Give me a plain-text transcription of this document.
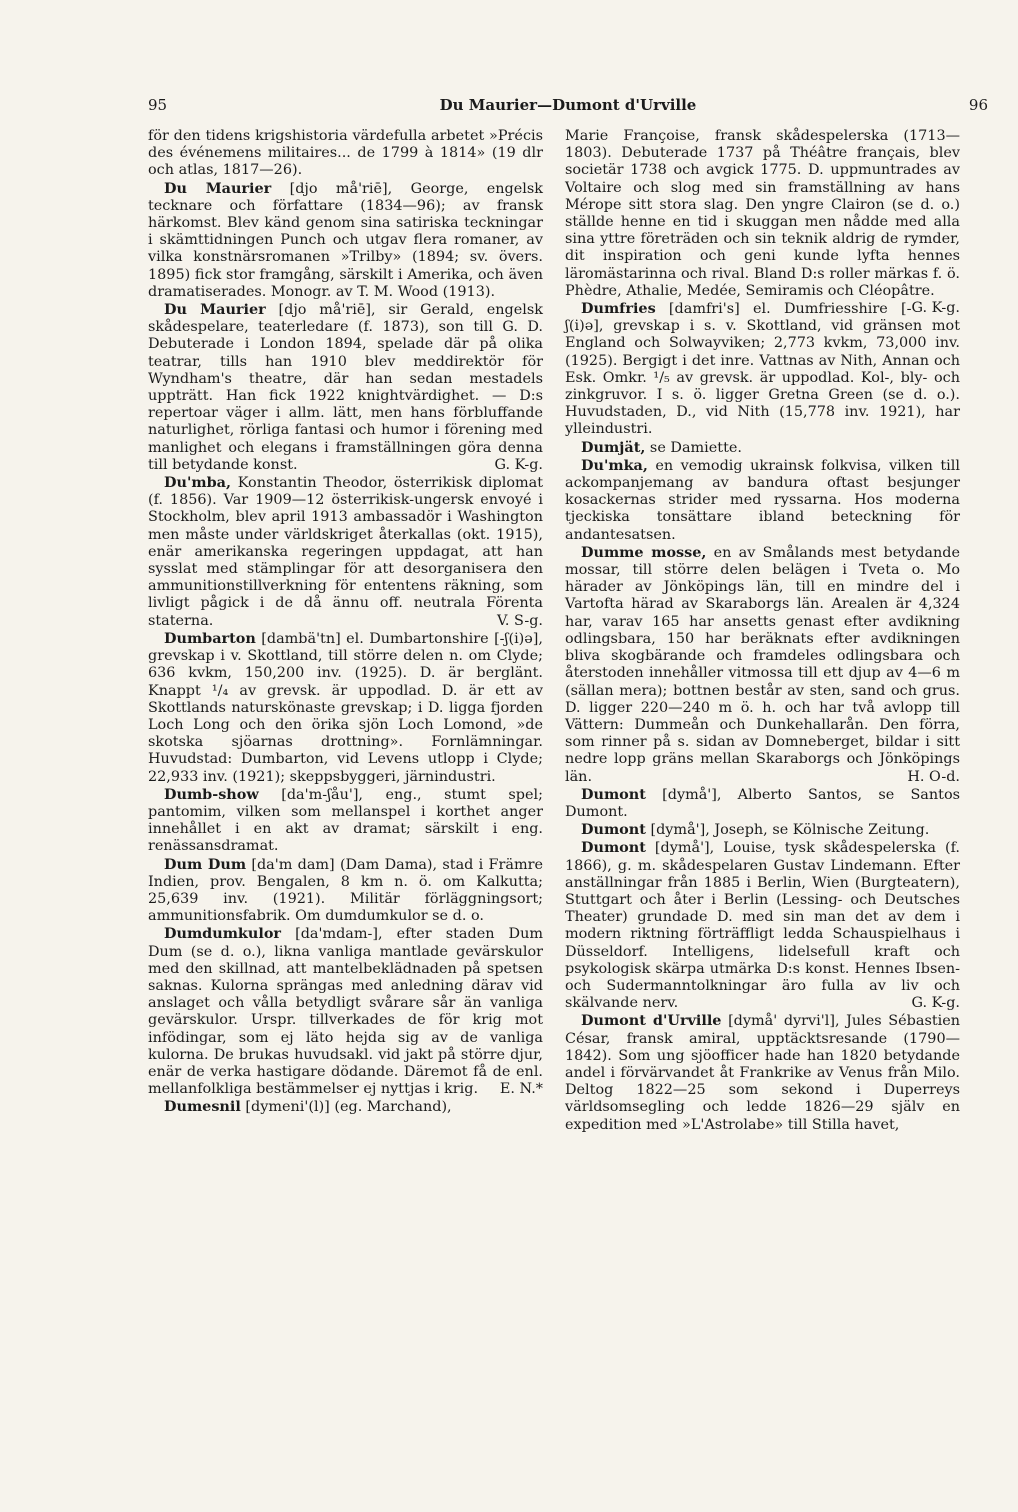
95	Du Maurier—Dumont d'Urville	96

för den tidens krigshistoria värdefulla arbetet »Précis des événemens militaires... de 1799 à 1814» (19 dlr och atlas, 1817—26).

Du Maurier [djo må'riē], George, engelsk tecknare och författare (1834—96); av fransk härkomst. Blev känd genom sina satiriska teckningar i skämttidningen Punch och utgav flera romaner, av vilka konstnärsromanen »Trilby» (1894; sv. övers. 1895) fick stor framgång, särskilt i Amerika, och även dramatiserades. Monogr. av T. M. Wood (1913).

Du Maurier [djo må'riē], sir Gerald, engelsk skådespelare, teaterledare (f. 1873), son till G. D. Debuterade i London 1894, spelade där på olika teatrar, tills han 1910 blev meddirektör för Wyndham's theatre, där han sedan mestadels uppträtt. Han fick 1922 knightvärdighet. — D:s repertoar väger i allm. lätt, men hans förbluffande naturlighet, rörliga fantasi och humor i förening med manlighet och elegans i framställningen göra denna till betydande konst.	G. K-g.

Du'mba, Konstantin Theodor, österrikisk diplomat (f. 1856). Var 1909—12 österrikisk-ungersk envoyé i Stockholm, blev april 1913 ambassadör i Washington men måste under världskriget återkallas (okt. 1915), enär amerikanska regeringen uppdagat, att han sysslat med stämplingar för att desorganisera den ammunitionstillverkning för ententens räkning, som livligt pågick i de då ännu off. neutrala Förenta staterna.	V. S-g.

Dumbarton [dambä'tn] el. Dumbartonshire [-ʃ(i)ə], grevskap i v. Skottland, till större delen n. om Clyde; 636 kvkm, 150,200 inv. (1925). D. är berglänt. Knappt ¹/₄ av grevsk. är uppodlad. D. är ett av Skottlands naturskönaste grevskap; i D. ligga fjorden Loch Long och den örika sjön Loch Lomond, »de skotska sjöarnas drottning». Fornlämningar. Huvudstad: Dumbarton, vid Levens utlopp i Clyde; 22,933 inv. (1921); skeppsbyggeri, järnindustri.

Dumb-show [da'm-ʃåu'], eng., stumt spel; pantomim, vilken som mellanspel i korthet anger innehållet i en akt av dramat; särskilt i eng. renässansdramat.

Dum Dum [da'm dam] (Dam Dama), stad i Främre Indien, prov. Bengalen, 8 km n. ö. om Kalkutta; 25,639 inv. (1921). Militär förläggningsort; ammunitionsfabrik. Om dumdumkulor se d. o.

Dumdumkulor [da'mdam-], efter staden Dum Dum (se d. o.), likna vanliga mantlade gevärskulor med den skillnad, att mantelbeklädnaden på spetsen saknas. Kulorna sprängas med anledning därav vid anslaget och vålla betydligt svårare sår än vanliga gevärskulor. Urspr. tillverkades de för krig mot infödingar, som ej läto hejda sig av de vanliga kulorna. De brukas huvudsakl. vid jakt på större djur, enär de verka hastigare dödande. Däremot få de enl. mellanfolkliga bestämmelser ej nyttjas i krig.	E. N.*

Dumesnil [dymeni'(l)] (eg. Marchand),

Marie Françoise, fransk skådespelerska (1713—1803). Debuterade 1737 på Théâtre français, blev societär 1738 och avgick 1775. D. uppmuntrades av Voltaire och slog med sin framställning av hans Mérope sitt stora slag. Den yngre Clairon (se d. o.) ställde henne en tid i skuggan men nådde med alla sina yttre företräden och sin teknik aldrig de rymder, dit inspiration och geni kunde lyfta hennes läromästarinna och rival. Bland D:s roller märkas f. ö. Phèdre, Athalie, Medée, Semiramis och Cléopâtre.
G. K-g.

Dumfries [damfri's] el. Dumfriesshire [-ʃ(i)ə], grevskap i s. v. Skottland, vid gränsen mot England och Solwayviken; 2,773 kvkm, 73,000 inv. (1925). Bergigt i det inre. Vattnas av Nith, Annan och Esk. Omkr. ¹/₅ av grevsk. är uppodlad. Kol-, bly- och zinkgruvor. I s. ö. ligger Gretna Green (se d. o.). Huvudstaden, D., vid Nith (15,778 inv. 1921), har ylleindustri.

Dumjät, se Damiette.

Du'mka, en vemodig ukrainsk folkvisa, vilken till ackompanjemang av bandura oftast besjunger kosackernas strider med ryssarna. Hos moderna tjeckiska tonsättare ibland beteckning för andantesatsen.

Dumme mosse, en av Smålands mest betydande mossar, till större delen belägen i Tveta o. Mo härader av Jönköpings län, till en mindre del i Vartofta härad av Skaraborgs län. Arealen är 4,324 har, varav 165 har ansetts genast efter avdikning odlingsbara, 150 har beräknats efter avdikningen bliva skogbärande och framdeles odlingsbara och återstoden innehåller vitmossa till ett djup av 4—6 m (sällan mera); bottnen består av sten, sand och grus. D. ligger 220—240 m ö. h. och har två avlopp till Vättern: Dummeån och Dunkehallarån. Den förra, som rinner på s. sidan av Domneberget, bildar i sitt nedre lopp gräns mellan Skaraborgs och Jönköpings län.	H. O-d.

Dumont [dymå'], Alberto Santos, se Santos Dumont.

Dumont [dymå'], Joseph, se Kölnische Zeitung.

Dumont [dymå'], Louise, tysk skådespelerska (f. 1866), g. m. skådespelaren Gustav Lindemann. Efter anställningar från 1885 i Berlin, Wien (Burgteatern), Stuttgart och åter i Berlin (Lessing- och Deutsches Theater) grundade D. med sin man det av dem i modern riktning förträffligt ledda Schauspielhaus i Düsseldorf. Intelligens, lidelsefull kraft och psykologisk skärpa utmärka D:s konst. Hennes Ibsen- och Sudermanntolkningar äro fulla av liv och skälvande nerv.	G. K-g.

Dumont d'Urville [dymå' dyrvi'l], Jules Sébastien César, fransk amiral, upptäcktsresande (1790—1842). Som ung sjöofficer hade han 1820 betydande andel i förvärvandet åt Frankrike av Venus från Milo. Deltog 1822—25 som sekond i Duperreys världsomsegling och ledde 1826—29 själv en expedition med »L'Astrolabe» till Stilla havet,
